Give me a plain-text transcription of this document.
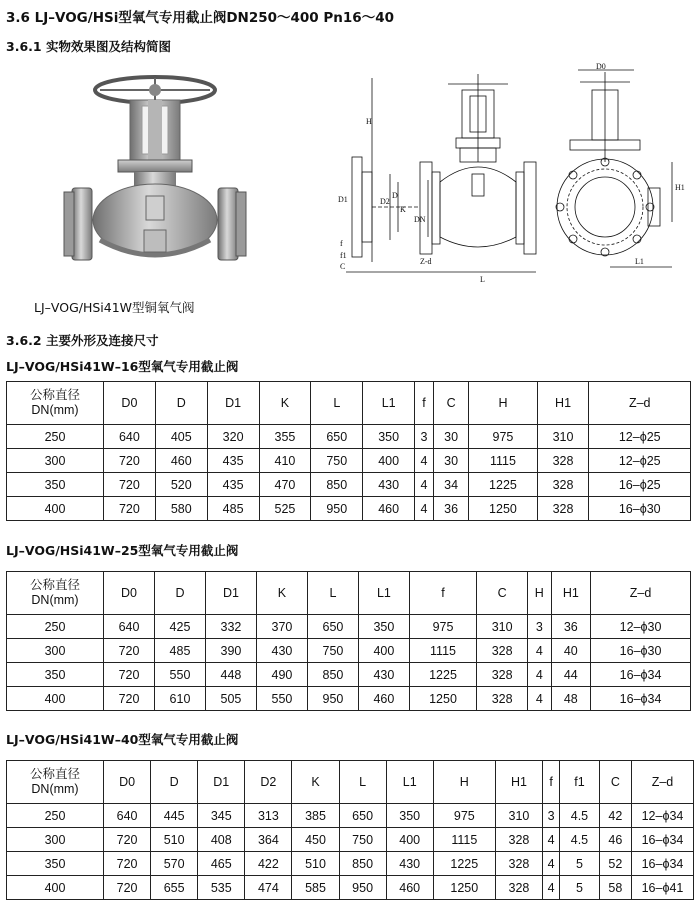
3.6 LJ–VOG/HSi型氧气专用截止阀DN250～400 Pn16～40
3.6.1 实物效果图及结构简图
LJ–VOG/HSi41W型铜氧气阀
D0
H
H1
L
L1
D1	D2
D
K
DN
f
f1
C
Z-d
3.6.2 主要外形及连接尺寸
LJ–VOG/HSi41W–16型氧气专用截止阀
公称直径
DN(mm)	D0	D	D1	K	L	L1	f	C	H	H1	Z–d
250	640	405	320	355	650	350	3	30	975	310	12–ϕ25
300	720	460	435	410	750	400	4	30	1115	328	12–ϕ25
350	720	520	435	470	850	430	4	34	1225	328	16–ϕ25
400	720	580	485	525	950	460	4	36	1250	328	16–ϕ30
LJ–VOG/HSi41W–25型氧气专用截止阀
公称直径
DN(mm)	D0	D	D1	K	L	L1	f	C	H	H1	Z–d
250	640	425	332	370	650	350	975	310	3	36	12–ϕ30
300	720	485	390	430	750	400	1115	328	4	40	16–ϕ30
350	720	550	448	490	850	430	1225	328	4	44	16–ϕ34
400	720	610	505	550	950	460	1250	328	4	48	16–ϕ34
LJ–VOG/HSi41W–40型氧气专用截止阀
公称直径
DN(mm)	D0	D	D1	D2	K	L	L1	H	H1	f	f1	C	Z–d
250	640	445	345	313	385	650	350	975	310	3	4.5	42	12–ϕ34
300	720	510	408	364	450	750	400	1115	328	4	4.5	46	16–ϕ34
350	720	570	465	422	510	850	430	1225	328	4	5	52	16–ϕ34
400	720	655	535	474	585	950	460	1250	328	4	5	58	16–ϕ41
